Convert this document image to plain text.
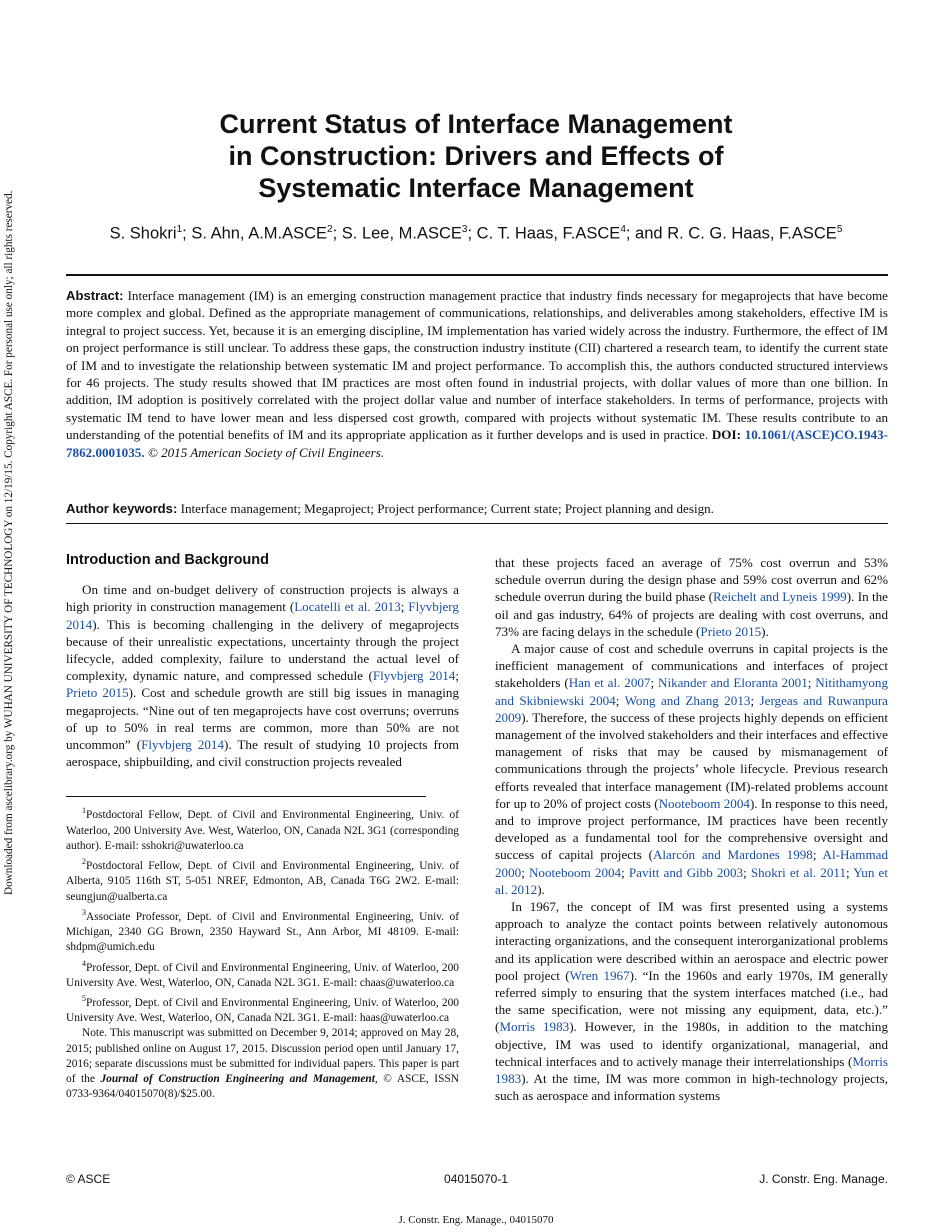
Downloaded from ascelibrary.org by WUHAN UNIVERSITY OF TECHNOLOGY on 12/19/15. Copyright ASCE. For personal use only; all rights reserved.
Current Status of Interface Management
in Construction: Drivers and Effects of
Systematic Interface Management
S. Shokri$^1$; S. Ahn, A.M.ASCE$^2$; S. Lee, M.ASCE$^3$; C. T. Haas, F.ASCE$^4$; and R. C. G. Haas, F.ASCE$^5$
Abstract: Interface management (IM) is an emerging construction management practice that industry finds necessary for megaprojects that have become more complex and global. Defined as the appropriate management of communications, relationships, and deliverables among stakeholders, effective IM is integral to project success. Yet, because it is an emerging discipline, IM implementation has varied widely across the industry. Furthermore, the effect of IM on project performance is still unclear. To address these gaps, the construction industry institute (CII) chartered a research team, to identify the current state of IM and to investigate the relationship between systematic IM and project performance. To accomplish this, the authors conducted structured interviews for 46 projects. The study results showed that IM practices are most often found in industrial projects, with dollar values of more than one billion. In addition, IM adoption is positively correlated with the project dollar value and number of interface stakeholders. In terms of performance, projects with systematic IM tend to have lower mean and less dispersed cost growth, compared with projects without systematic IM. These results contribute to an understanding of the potential benefits of IM and its appropriate application as it further develops and is used in practice. DOI: 10.1061/(ASCE)CO.1943-7862.0001035. © 2015 American Society of Civil Engineers.
Author keywords: Interface management; Megaproject; Project performance; Current state; Project planning and design.
Introduction and Background

On time and on-budget delivery of construction projects is always a high priority in construction management (Locatelli et al. 2013; Flyvbjerg 2014). This is becoming challenging in the delivery of megaprojects because of their unrealistic expectations, uncertainty through the project lifecycle, added complexity, failure to understand the actual level of complexity, dynamic nature, and compressed schedule (Flyvbjerg 2014; Prieto 2015). Cost and schedule growth are still big issues in managing megaprojects. “Nine out of ten megaprojects have cost overruns; overruns of up to 50% in real terms are common, more than 50% are not uncommon” (Flyvbjerg 2014). The result of studying 10 projects from aerospace, shipbuilding, and civil construction projects revealed

$^1$Postdoctoral Fellow, Dept. of Civil and Environmental Engineering, Univ. of Waterloo, 200 University Ave. West, Waterloo, ON, Canada N2L 3G1 (corresponding author). E-mail: sshokri@uwaterloo.ca

$^2$Postdoctoral Fellow, Dept. of Civil and Environmental Engineering, Univ. of Alberta, 9105 116th ST, 5-051 NREF, Edmonton, AB, Canada T6G 2W2. E-mail: seungjun@ualberta.ca

$^3$Associate Professor, Dept. of Civil and Environmental Engineering, Univ. of Michigan, 2340 GG Brown, 2350 Hayward St., Ann Arbor, MI 48109. E-mail: shdpm@umich.edu

$^4$Professor, Dept. of Civil and Environmental Engineering, Univ. of Waterloo, 200 University Ave. West, Waterloo, ON, Canada N2L 3G1. E-mail: chaas@uwaterloo.ca

$^5$Professor, Dept. of Civil and Environmental Engineering, Univ. of Waterloo, 200 University Ave. West, Waterloo, ON, Canada N2L 3G1. E-mail: haas@uwaterloo.ca

Note. This manuscript was submitted on December 9, 2014; approved on May 28, 2015; published online on August 17, 2015. Discussion period open until January 17, 2016; separate discussions must be submitted for individual papers. This paper is part of the Journal of Construction Engineering and Management, © ASCE, ISSN 0733-9364/04015070(8)/$25.00.

that these projects faced an average of 75% cost overrun and 53% schedule overrun during the design phase and 59% cost overrun and 62% schedule overrun during the build phase (Reichelt and Lyneis 1999). In the oil and gas industry, 64% of projects are dealing with cost overruns, and 73% are facing delays in the schedule (Prieto 2015).

A major cause of cost and schedule overruns in capital projects is the inefficient management of communications and interfaces of project stakeholders (Han et al. 2007; Nikander and Eloranta 2001; Nitithamyong and Skibniewski 2004; Wong and Zhang 2013; Jergeas and Ruwanpura 2009). Therefore, the success of these projects highly depends on efficient management of the involved stakeholders and their interfaces and effective management of risks that may be caused by mismanagement of communications through the projects’ whole lifecycle. Previous research efforts revealed that interface management (IM)-related problems account for up to 20% of project costs (Nooteboom 2004). In response to this need, and to improve project performance, IM practices have been recently developed as a fundamental tool for the comprehensive oversight and success of capital projects (Alarcón and Mardones 1998; Al-Hammad 2000; Nooteboom 2004; Pavitt and Gibb 2003; Shokri et al. 2011; Yun et al. 2012).

In 1967, the concept of IM was first presented using a systems approach to analyze the contact points between relatively autonomous interacting organizations, and the consequent interorganizational problems and its application were described within an aerospace and electric power pool project (Wren 1967). “In the 1960s and early 1970s, IM generally referred simply to ensuring that the system interfaces matched (i.e., had the same specification, were not missing any equipment, data, etc.).” (Morris 1983). However, in the 1980s, in addition to the matching objective, IM was used to identify organizational, managerial, and technical interfaces and to actively manage their interrelationships (Morris 1983). At the time, IM was more common in high-technology projects, such as aerospace and information systems

© ASCE	04015070-1	J. Constr. Eng. Manage.
J. Constr. Eng. Manage., 04015070
